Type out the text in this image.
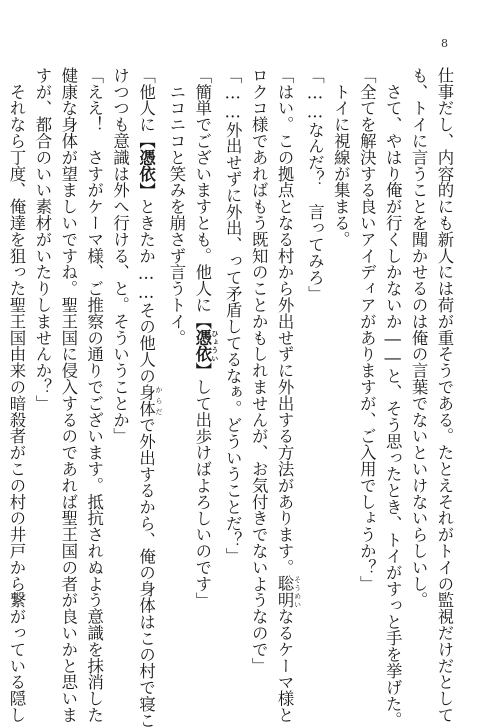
8

仕事だし、内容的にも新人には荷が重そうである。たとえそれがトイの監視だけだとして

も、トイに言うことを聞かせるのは俺の言葉でないといけないらしいし。

　さて、やはり俺が行くしかないか――と、そう思ったとき、トイがすっと手を挙げた。

「全てを解決する良いアイディアがありますが、ご入用でしょうか？」

　トイに視線が集まる。

「……なんだ？　言ってみろ」

「はい。この拠点となる村から外出せずに外出する方法があります。聡明 そうめいなるケーマ様と

ロクコ様であればもう既知のことかもしれませんが、お気付きでないようなので」

「……外出せずに外出、って矛盾してるなぁ。どういうことだ？」

「簡単でございますとも。他人に【憑依 ひょうい】して出歩けばよろしいのです」

　ニコニコと笑みを崩さず言うトイ。

「他人に【憑依】ときたか……その他人の身体 からだで外出するから、俺の身体はこの村で寝こ

けつつも意識は外へ行ける、と。そういうことか」

「ええ！　さすがケーマ様、ご推察の通りでございます。抵抗されぬよう意識を抹消した

健康な身体が望ましいですね。聖王国に侵入するのであれば聖王国の者が良いかと思いま

すが、都合のいい素材がいたりしませんか？」

　それなら丁度、俺達を狙った聖王国由来の暗殺者がこの村の井戸から繋がっている隠し
